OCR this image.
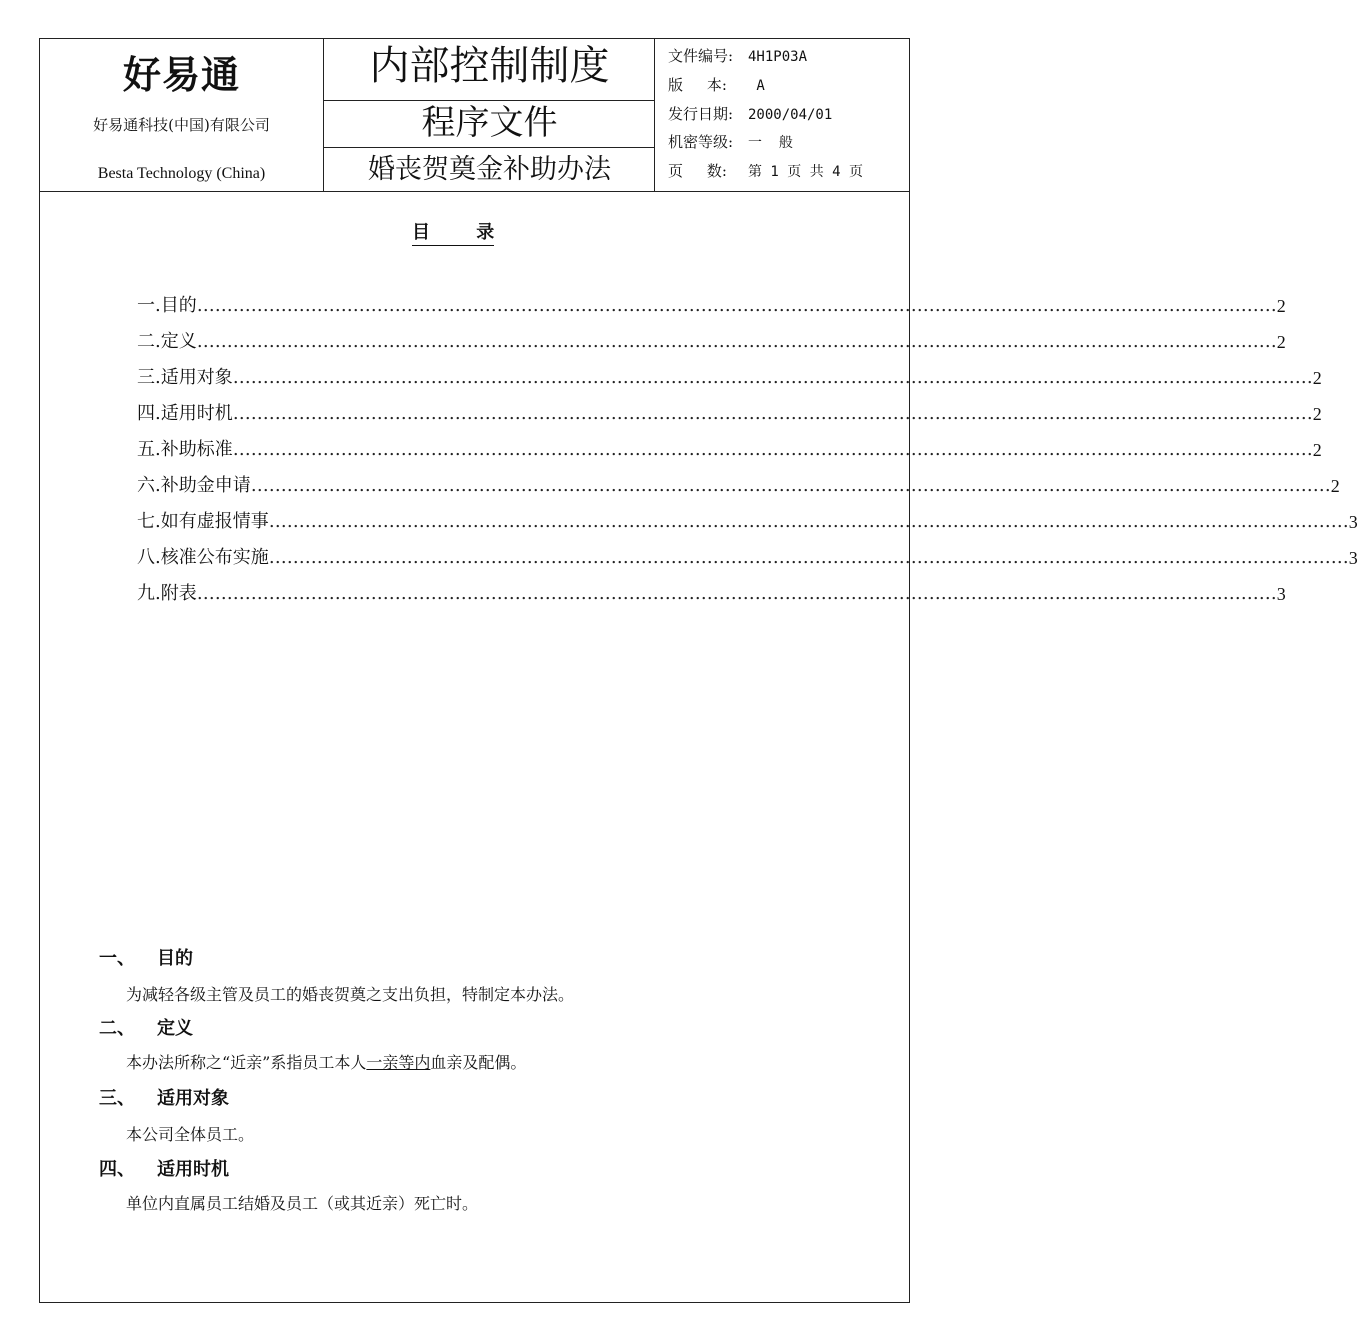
好易通
好易通科技(中国)有限公司
Besta Technology (China)
内部控制制度
程序文件
婚丧贺奠金补助办法
文件编号: 4H1P03A
版     本: A
发行日期: 2000/04/01
机密等级: 一  般
页     数: 第 1 页 共 4 页
目	录
一. 目的 ……………………………………………………………………………………………………………………………………………………………… 2
二. 定义 ……………………………………………………………………………………………………………………………………………………………… 2
三. 适用对象 ……………………………………………………………………………………………………………………………………………………………… 2
四. 适用时机 ……………………………………………………………………………………………………………………………………………………………… 2
五. 补助标准 ……………………………………………………………………………………………………………………………………………………………… 2
六. 补助金申请 ……………………………………………………………………………………………………………………………………………………………… 2
七. 如有虚报情事 ……………………………………………………………………………………………………………………………………………………………… 3
八. 核准公布实施 ……………………………………………………………………………………………………………………………………………………………… 3
九. 附表 ……………………………………………………………………………………………………………………………………………………………… 3
一、 目的
为减轻各级主管及员工的婚丧贺奠之支出负担，特制定本办法。
二、 定义
本办法所称之“近亲”系指员工本人一亲等内血亲及配偶。
三、 适用对象
本公司全体员工。
四、 适用时机
单位内直属员工结婚及员工（或其近亲）死亡时。
